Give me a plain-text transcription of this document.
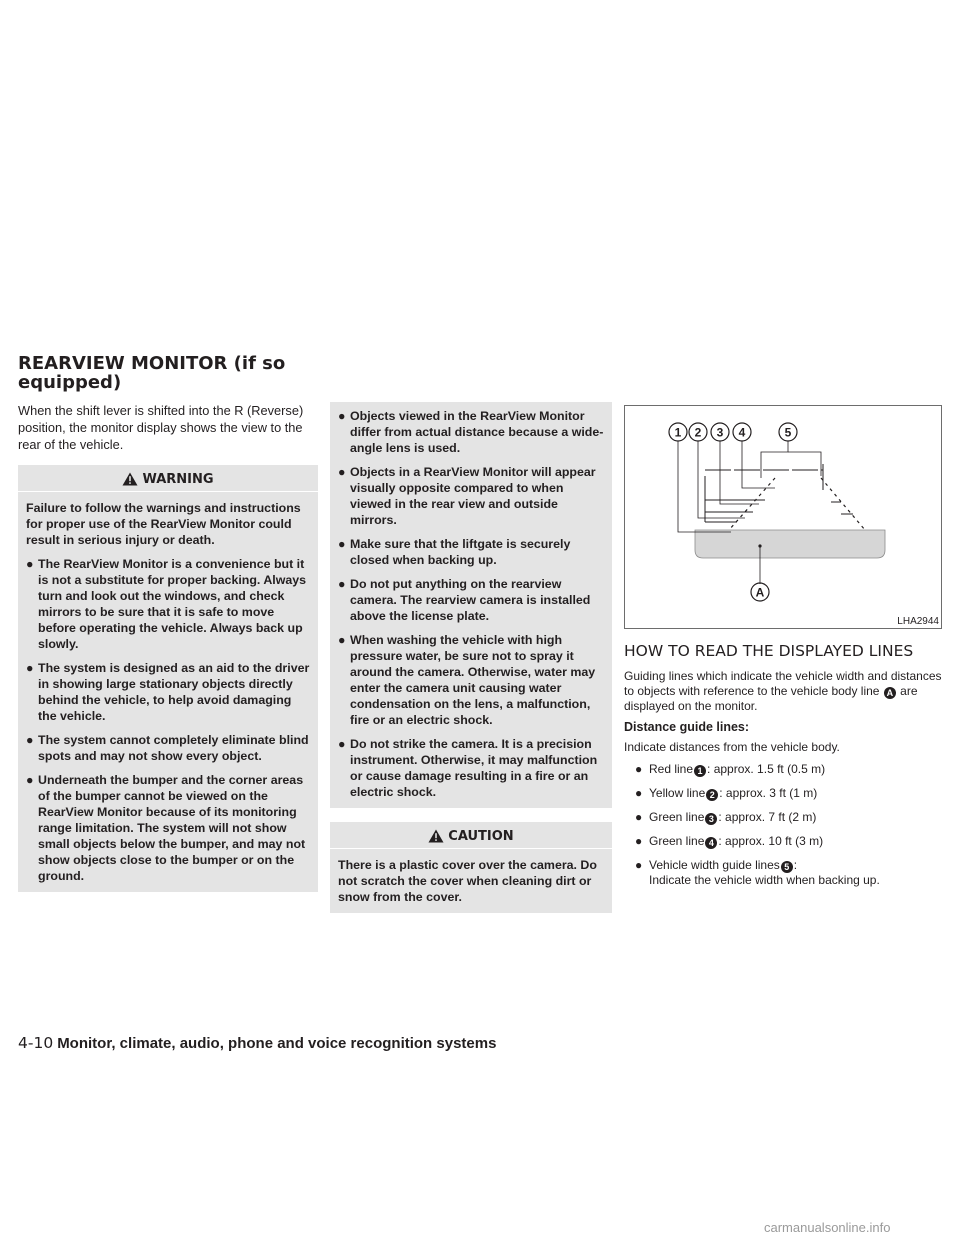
REARVIEW MONITOR (if so equipped)

When the shift lever is shifted into the R (Reverse) position, the monitor display shows the view to the rear of the vehicle.

WARNING

Failure to follow the warnings and instructions for proper use of the RearView Monitor could result in serious injury or death.

● The RearView Monitor is a convenience but it is not a substitute for proper backing. Always turn and look out the windows, and check mirrors to be sure that it is safe to move before operating the vehicle. Always back up slowly.
● The system is designed as an aid to the driver in showing large stationary objects directly behind the vehicle, to help avoid damaging the vehicle.
● The system cannot completely eliminate blind spots and may not show every object.
● Underneath the bumper and the corner areas of the bumper cannot be viewed on the RearView Monitor because of its monitoring range limitation. The system will not show small objects below the bumper, and may not show objects close to the bumper or on the ground.
● Objects viewed in the RearView Monitor differ from actual distance because a wide-angle lens is used.
● Objects in a RearView Monitor will appear visually opposite compared to when viewed in the rear view and outside mirrors.
● Make sure that the liftgate is securely closed when backing up.
● Do not put anything on the rearview camera. The rearview camera is installed above the license plate.
● When washing the vehicle with high pressure water, be sure not to spray it around the camera. Otherwise, water may enter the camera unit causing water condensation on the lens, a malfunction, fire or an electric shock.
● Do not strike the camera. It is a precision instrument. Otherwise, it may malfunction or cause damage resulting in a fire or an electric shock.
CAUTION

There is a plastic cover over the camera. Do not scratch the cover when cleaning dirt or snow from the cover.

1 2 3 4	5
A
LHA2944
HOW TO READ THE DISPLAYED LINES

Guiding lines which indicate the vehicle width and distances to objects with reference to the vehicle body line A are displayed on the monitor.

Distance guide lines:

Indicate distances from the vehicle body.

● Red line 1 : approx. 1.5 ft (0.5 m)
● Yellow line 2 : approx. 3 ft (1 m)
● Green line 3 : approx. 7 ft (2 m)
● Green line 4 : approx. 10 ft (3 m)
● Vehicle width guide lines 5 :
Indicate the vehicle width when backing up.
4-10 Monitor, climate, audio, phone and voice recognition systems
carmanualsonline.info
